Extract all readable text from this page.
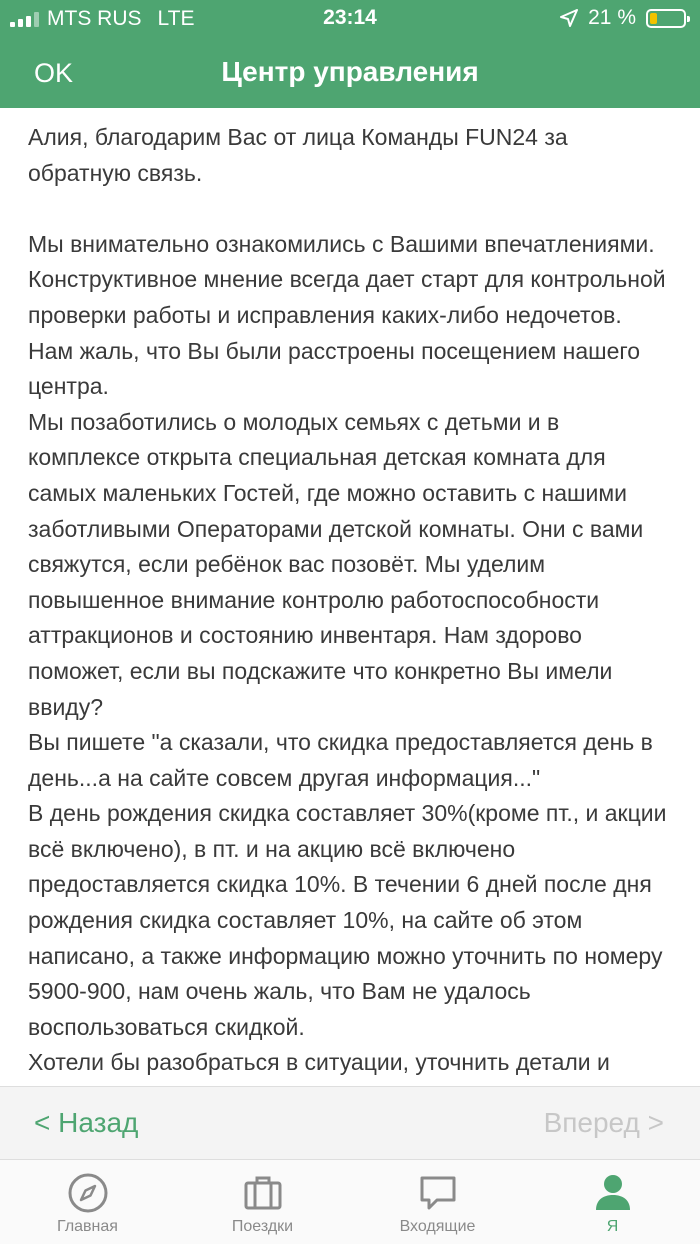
MTS RUS LTE	23:14	21 %
OK	Центр управления

Алия, благодарим Вас от лица Команды FUN24 за обратную связь.

Мы внимательно ознакомились с Вашими впечатлениями. Конструктивное мнение всегда дает старт для контрольной проверки работы и исправления каких-либо недочетов. Нам жаль, что Вы были расстроены посещением нашего центра.

Мы позаботились о молодых семьях с детьми и в комплексе открыта специальная детская комната для самых маленьких Гостей, где можно оставить с нашими заботливыми Операторами детской комнаты. Они с вами свяжутся, если ребёнок вас позовёт. Мы уделим повышенное внимание контролю работоспособности аттракционов и состоянию инвентаря. Нам здорово поможет, если вы подскажите что конкретно Вы имели ввиду?

Вы пишете "а сказали, что скидка предоставляется день в день...а на сайте совсем другая информация..."

В день рождения скидка составляет 30%(кроме пт., и акции всё включено), в пт. и на акцию всё включено предоставляется скидка 10%. В течении 6 дней после дня рождения скидка составляет 10%, на сайте об этом написано, а также информацию можно уточнить по номеру 5900-900, нам очень жаль, что Вам не удалось воспользоваться скидкой.

Хотели бы разобраться в ситуации, уточнить детали и

< Назад	Вперед >
Главная	Поездки	Входящие	Я
